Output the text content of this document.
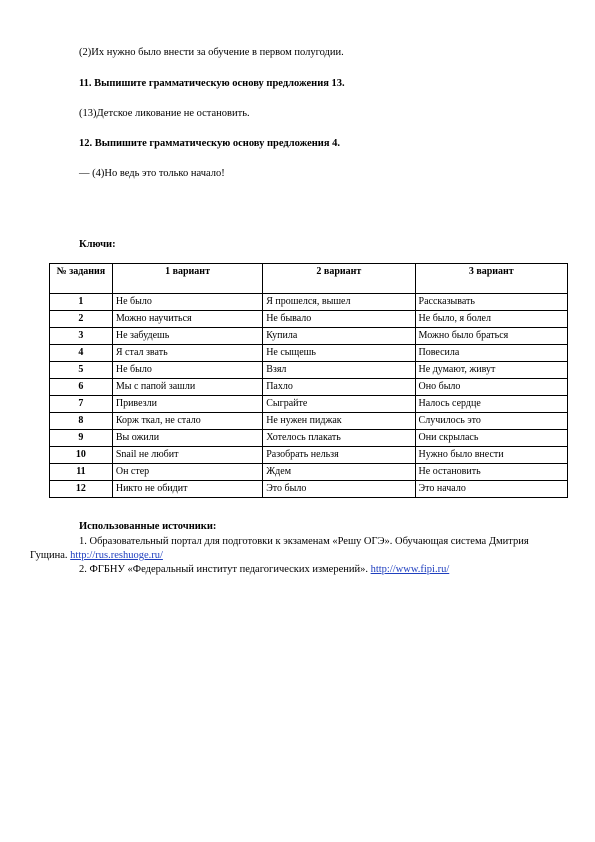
(2)Их нужно было внести за обучение в первом полугодии.
11. Выпишите грамматическую основу предложения 13.
(13)Детское ликование не остановить.
12. Выпишите грамматическую основу предложения 4.
— (4)Но ведь это только начало!
Ключи:
№ задания	1 вариант	2 вариант	3 вариант
1	Не было	Я прошелся, вышел	Рассказывать
2	Можно научиться	Не бывало	Не было, я болел
3	Не забудешь	Купила	Можно было браться
4	Я стал звать	Не сыщешь	Повесила
5	Не было	Взял	Не думают, живут
6	Мы с папой зашли	Пахло	Оно было
7	Привезли	Сыграйте	Налось сердце
8	Корж ткал, не стало	Не нужен пиджак	Случилось это
9	Вы ожили	Хотелось плакать	Они скрылась
10	Snail не любит	Разобрать нельзя	Нужно было внести
11	Он стер	Ждем	Не остановить
12	Никто не обидит	Это было	Это начало
Использованные источники:
1. Образовательный портал для подготовки к экзаменам «Решу ОГЭ». Обучающая система Дмитрия Гущина. http://rus.reshuoge.ru/
2. ФГБНУ «Федеральный институт педагогических измерений». http://www.fipi.ru/
